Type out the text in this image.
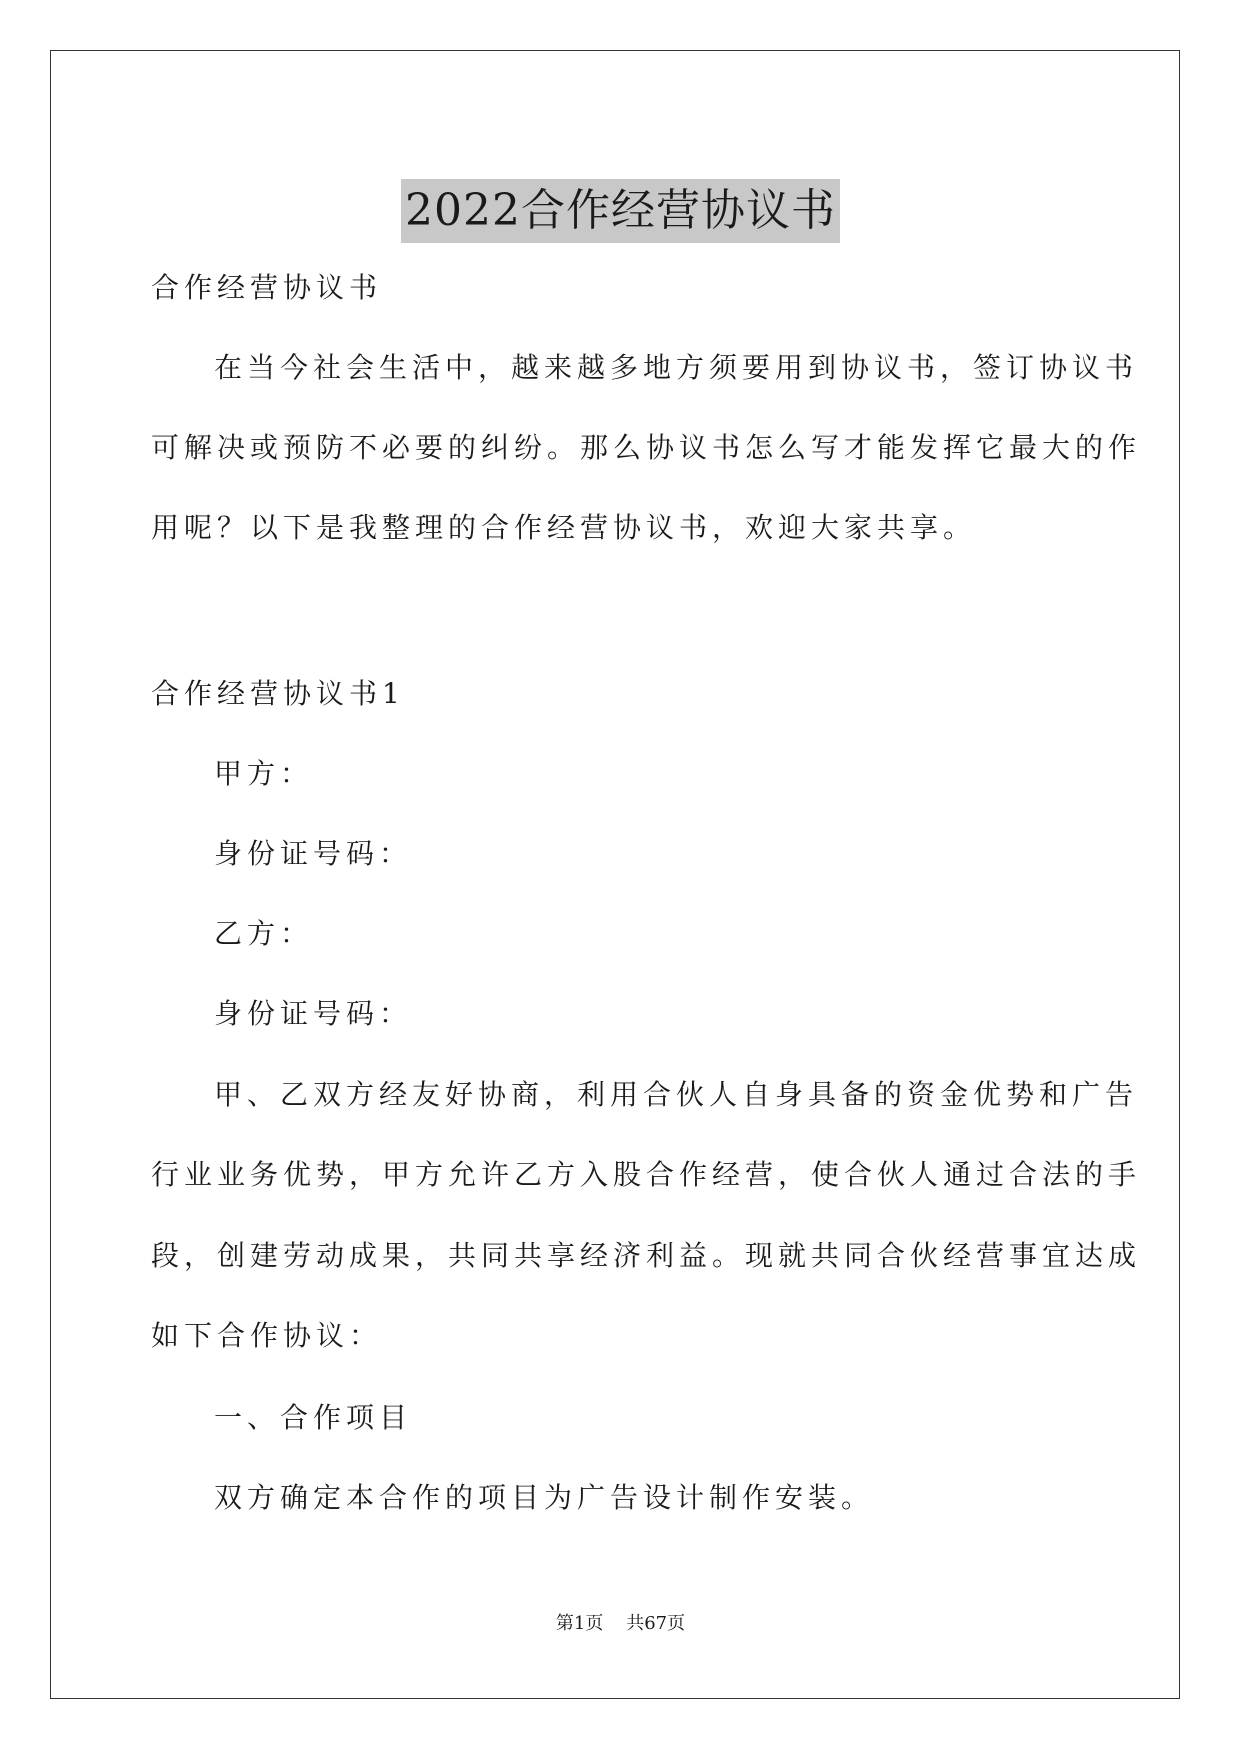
2022合作经营协议书
合作经营协议书
在当今社会生活中，越来越多地方须要用到协议书，签订协议书
可解决或预防不必要的纠纷。那么协议书怎么写才能发挥它最大的作
用呢？以下是我整理的合作经营协议书，欢迎大家共享。
合作经营协议书1
甲方：
身份证号码：
乙方：
身份证号码：
甲、乙双方经友好协商，利用合伙人自身具备的资金优势和广告
行业业务优势，甲方允许乙方入股合作经营，使合伙人通过合法的手
段，创建劳动成果，共同共享经济利益。现就共同合伙经营事宜达成
如下合作协议：
一、合作项目
双方确定本合作的项目为广告设计制作安装。
第1页 共67页
